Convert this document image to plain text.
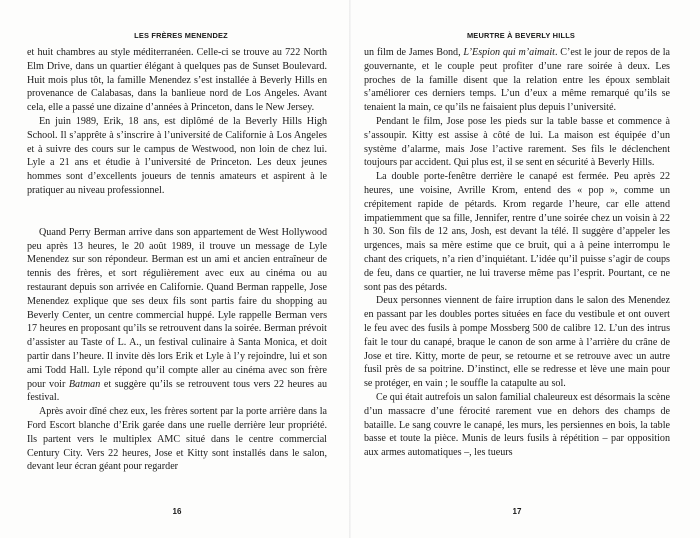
LES FRÈRES MENENDEZ

et huit chambres au style méditerranéen. Celle-ci se trouve au 722 North Elm Drive, dans un quartier élégant à quelques pas de Sunset Boulevard. Huit mois plus tôt, la famille Menendez s’est installée à Beverly Hills en provenance de Calabasas, dans la banlieue nord de Los Angeles. Avant cela, elle a passé une dizaine d’années à Princeton, dans le New Jersey.

En juin 1989, Erik, 18 ans, est diplômé de la Beverly Hills High School. Il s’apprête à s’inscrire à l’université de Californie à Los Angeles et à suivre des cours sur le campus de Westwood, non loin de chez lui. Lyle a 21 ans et étudie à l’université de Princeton. Les deux jeunes hommes sont d’excellents joueurs de tennis amateurs et aspirent à le pratiquer au niveau professionnel.

Quand Perry Berman arrive dans son appartement de West Hollywood peu après 13 heures, le 20 août 1989, il trouve un message de Lyle Menendez sur son répondeur. Berman est un ami et ancien entraîneur de tennis des frères, et sort régulièrement avec eux au cinéma ou au restaurant depuis son arrivée en Californie. Quand Berman rappelle, Jose Menendez explique que ses deux fils sont partis faire du shopping au Beverly Center, un centre commercial huppé. Lyle rappelle Berman vers 17 heures en proposant qu’ils se retrouvent dans la soirée. Berman prévoit d’assister au Taste of L. A., un festival culinaire à Santa Monica, et doit partir dans l’heure. Il invite dès lors Erik et Lyle à l’y rejoindre, lui et son ami Todd Hall. Lyle répond qu’il compte aller au cinéma avec son frère pour voir Batman et suggère qu’ils se retrouvent tous vers 22 heures au festival.

Après avoir dîné chez eux, les frères sortent par la porte arrière dans la Ford Escort blanche d’Erik garée dans une ruelle derrière leur propriété. Ils partent vers le multiplex AMC situé dans le centre commercial Century City. Vers 22 heures, Jose et Kitty sont installés dans le salon, devant leur écran géant pour regarder

16
MEURTRE À BEVERLY HILLS

un film de James Bond, L’Espion qui m’aimait. C’est le jour de repos de la gouvernante, et le couple peut profiter d’une rare soirée à deux. Les proches de la famille disent que la relation entre les époux semblait s’améliorer ces derniers temps. L’un d’eux a même remarqué qu’ils se tenaient la main, ce qu’ils ne faisaient plus depuis l’université.

Pendant le film, Jose pose les pieds sur la table basse et commence à s’assoupir. Kitty est assise à côté de lui. La maison est équipée d’un système d’alarme, mais Jose l’active rarement. Ses fils le déclenchent toujours par accident. Qui plus est, il se sent en sécurité à Beverly Hills.

La double porte-fenêtre derrière le canapé est fermée. Peu après 22 heures, une voisine, Avrille Krom, entend des « pop », comme un crépitement rapide de pétards. Krom regarde l’heure, car elle attend impatiemment que sa fille, Jennifer, rentre d’une soirée chez un voisin à 22 h 30. Son fils de 12 ans, Josh, est devant la télé. Il suggère d’appeler les urgences, mais sa mère estime que ce bruit, qui a à peine interrompu le chant des criquets, n’a rien d’inquiétant. L’idée qu’il puisse s’agir de coups de feu, dans ce quartier, ne lui traverse même pas l’esprit. Pourtant, ce ne sont pas des pétards.

Deux personnes viennent de faire irruption dans le salon des Menendez en passant par les doubles portes situées en face du vestibule et ont ouvert le feu avec des fusils à pompe Mossberg 500 de calibre 12. L’un des intrus fait le tour du canapé, braque le canon de son arme à l’arrière du crâne de Jose et tire. Kitty, morte de peur, se retourne et se retrouve avec un autre fusil près de sa poitrine. D’instinct, elle se redresse et lève une main pour se protéger, en vain ; le souffle la catapulte au sol.

Ce qui était autrefois un salon familial chaleureux est désormais la scène d’un massacre d’une férocité rarement vue en dehors des champs de bataille. Le sang couvre le canapé, les murs, les persiennes en bois, la table basse et toute la pièce. Munis de leurs fusils à répétition – par opposition aux armes automatiques –, les tueurs

17
